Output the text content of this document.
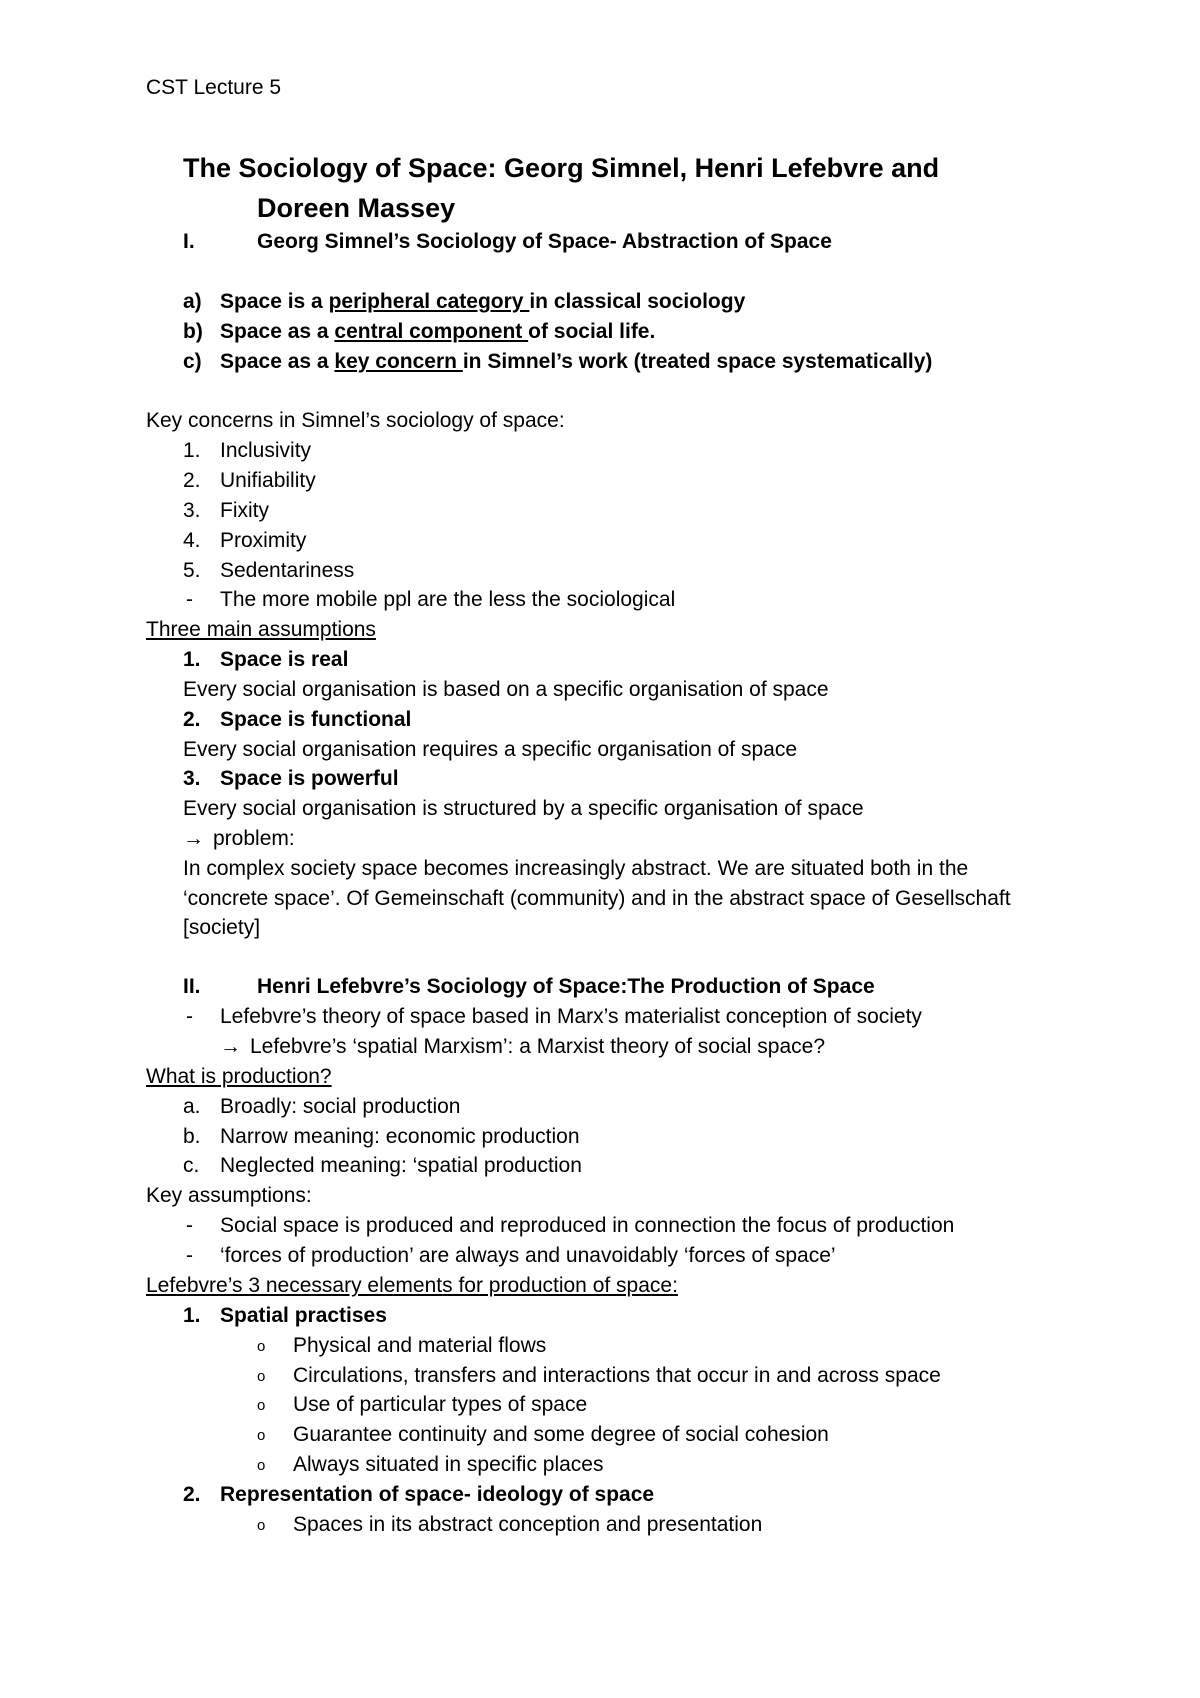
CST Lecture 5
The Sociology of Space: Georg Simnel, Henri Lefebvre and
Doreen Massey
I.	Georg Simnel’s Sociology of Space- Abstraction of Space
a) Space is a peripheral category in classical sociology
b) Space as a central component of social life.
c) Space as a key concern in Simnel’s work (treated space systematically)
Key concerns in Simnel’s sociology of space:
1. Inclusivity
2. Unifiability
3. Fixity
4. Proximity
5. Sedentariness
- The more mobile ppl are the less the sociological
Three main assumptions
1. Space is real
Every social organisation is based on a specific organisation of space
2. Space is functional
Every social organisation requires a specific organisation of space
3. Space is powerful
Every social organisation is structured by a specific organisation of space
→ problem:
In complex society space becomes increasingly abstract. We are situated both in the
‘concrete space’. Of Gemeinschaft (community) and in the abstract space of Gesellschaft
[society]
II.	Henri Lefebvre’s Sociology of Space:The Production of Space
- Lefebvre’s theory of space based in Marx’s materialist conception of society
→ Lefebvre’s ‘spatial Marxism’: a Marxist theory of social space?
What is production?
a. Broadly: social production
b. Narrow meaning: economic production
c. Neglected meaning: ‘spatial production
Key assumptions:
- Social space is produced and reproduced in connection the focus of production
- ‘forces of production’ are always and unavoidably ‘forces of space’
Lefebvre’s 3 necessary elements for production of space:
1. Spatial practises
o Physical and material flows
o Circulations, transfers and interactions that occur in and across space
o Use of particular types of space
o Guarantee continuity and some degree of social cohesion
o Always situated in specific places
2. Representation of space- ideology of space
o Spaces in its abstract conception and presentation
